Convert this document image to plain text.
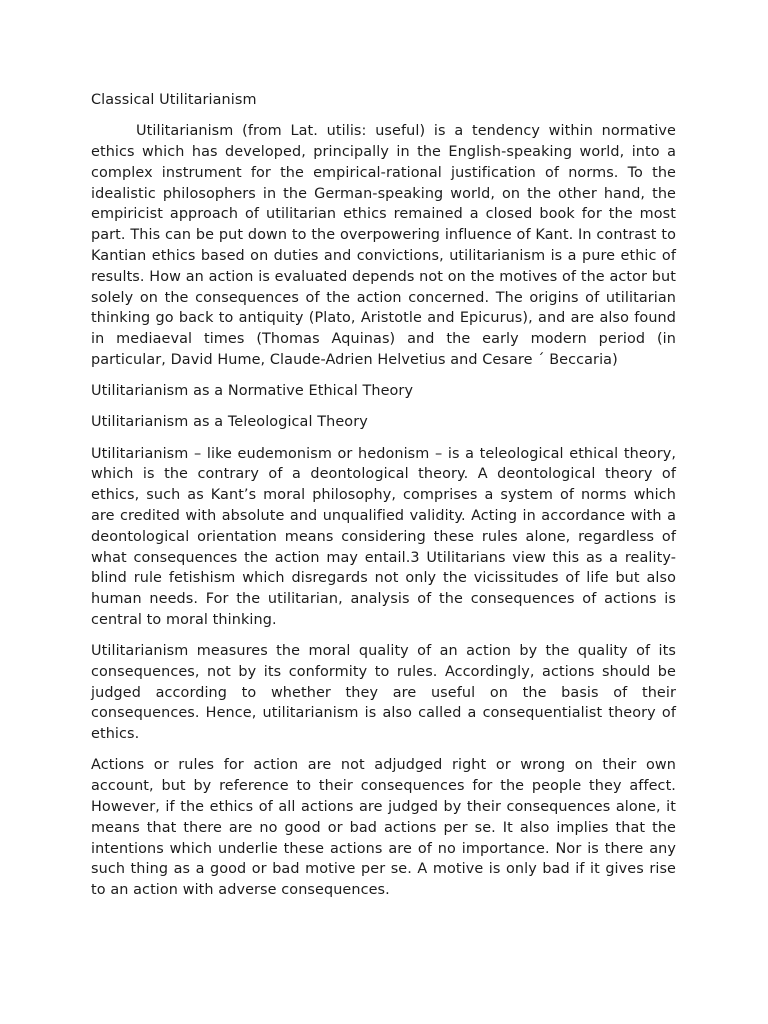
Classical Utilitarianism

Utilitarianism (from Lat. utilis: useful) is a tendency within normative ethics which has developed, principally in the English-speaking world, into a complex instrument for the empirical-rational justification of norms. To the idealistic philosophers in the German-speaking world, on the other hand, the empiricist approach of utilitarian ethics remained a closed book for the most part. This can be put down to the overpowering influence of Kant. In contrast to Kantian ethics based on duties and convictions, utilitarianism is a pure ethic of results. How an action is evaluated depends not on the motives of the actor but solely on the consequences of the action concerned. The origins of utilitarian thinking go back to antiquity (Plato, Aristotle and Epicurus), and are also found in mediaeval times (Thomas Aquinas) and the early modern period (in particular, David Hume, Claude-Adrien Helvetius and Cesare ´ Beccaria)

Utilitarianism as a Normative Ethical Theory

Utilitarianism as a Teleological Theory

Utilitarianism – like eudemonism or hedonism – is a teleological ethical theory, which is the contrary of a deontological theory. A deontological theory of ethics, such as Kant’s moral philosophy, comprises a system of norms which are credited with absolute and unqualified validity. Acting in accordance with a deontological orientation means considering these rules alone, regardless of what consequences the action may entail.3 Utilitarians view this as a reality-blind rule fetishism which disregards not only the vicissitudes of life but also human needs. For the utilitarian, analysis of the consequences of actions is central to moral thinking.

Utilitarianism measures the moral quality of an action by the quality of its consequences, not by its conformity to rules. Accordingly, actions should be judged according to whether they are useful on the basis of their consequences. Hence, utilitarianism is also called a consequentialist theory of ethics.

Actions or rules for action are not adjudged right or wrong on their own account, but by reference to their consequences for the people they affect. However, if the ethics of all actions are judged by their consequences alone, it means that there are no good or bad actions per se. It also implies that the intentions which underlie these actions are of no importance. Nor is there any such thing as a good or bad motive per se. A motive is only bad if it gives rise to an action with adverse consequences.
